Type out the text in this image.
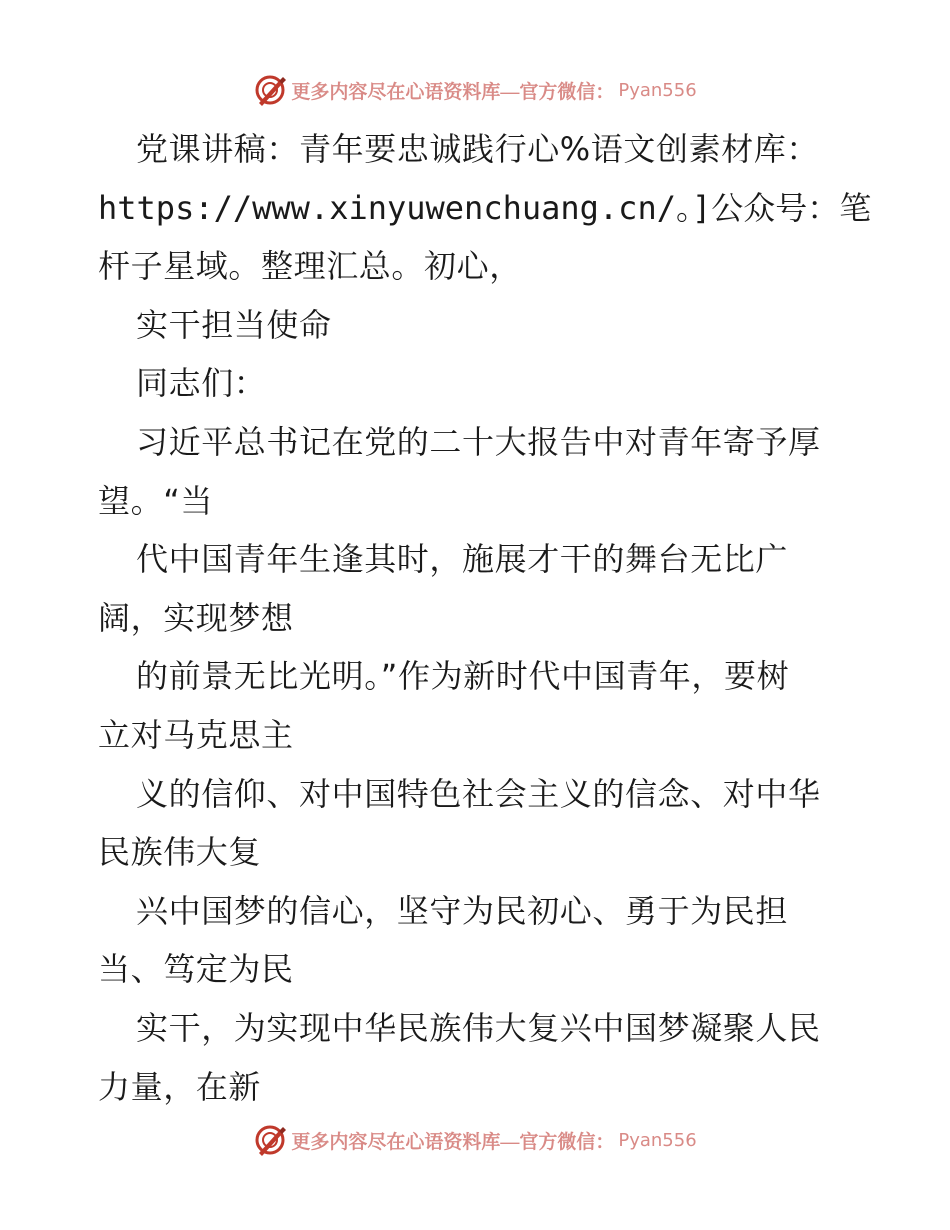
更多内容尽在心语资料库—官方微信： Pyan556
党课讲稿：青年要忠诚践行心%语文创素材库：
https://www.xinyuwenchuang.cn/。]公众号：笔
杆子星域。整理汇总。初心，
实干担当使命
同志们：
习近平总书记在党的二十大报告中对青年寄予厚
望。“当
代中国青年生逢其时，施展才干的舞台无比广
阔，实现梦想
的前景无比光明。”作为新时代中国青年，要树
立对马克思主
义的信仰、对中国特色社会主义的信念、对中华
民族伟大复
兴中国梦的信心，坚守为民初心、勇于为民担
当、笃定为民
实干，为实现中华民族伟大复兴中国梦凝聚人民
力量，在新
更多内容尽在心语资料库—官方微信： Pyan556
